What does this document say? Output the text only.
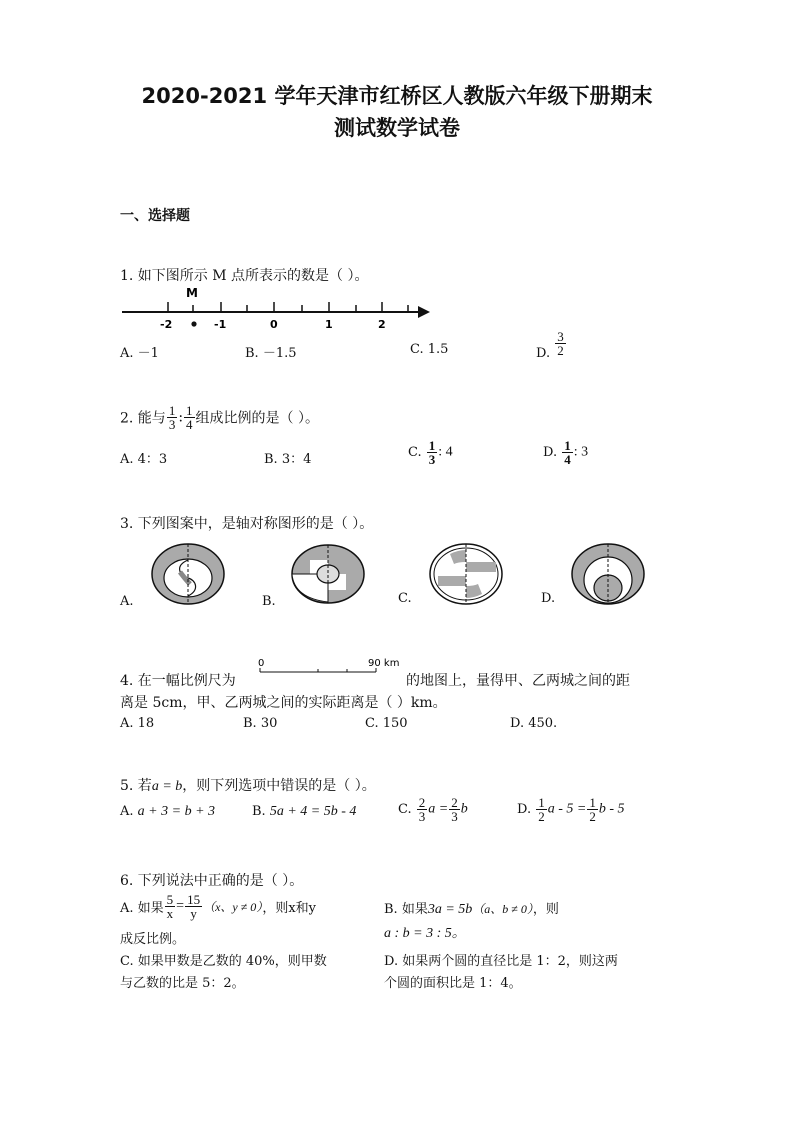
2020-2021 学年天津市红桥区人教版六年级下册期末
测试数学试卷
一、选择题
1. 如下图所示 M 点所表示的数是（ ）。
M
-2	-1	0	1	2
A. －1	B. －1.5	C. 1.5	D. $\frac{3}{2}$
2. 能与 $\frac{1}{3}$ : $\frac{1}{4}$ 组成比例的是（ ）。
A. 4：3	B. 3：4	C. $\frac{1}{3}$ : 4	D. $\frac{1}{4}$ : 3
3. 下列图案中，是轴对称图形的是（ ）。
A.	B.	C.	D.
4. 在一幅比例尺为
0	90 km
的地图上，量得甲、乙两城之间的距
离是 5cm，甲、乙两城之间的实际距离是（ ）km。
A. 18	B. 30	C. 150	D. 450.
5. 若a = b，则下列选项中错误的是（ ）。
A. a + 3 = b + 3	B. 5a + 4 = 5b - 4	C. $\frac{2}{3}$ $a = \frac{2}{3}$ b	D. $\frac{1}{2}$ $a - 5 = \frac{1}{2}$ b - 5
6. 下列说法中正确的是（ ）。
A. 如果 $\frac{5}{x} = \frac{15}{y} (x$、y ≠ 0），则x和y
成反比例。
B. 如果3a = 5b（a、b ≠ 0），则
a : b = 3 : 5。
C. 如果甲数是乙数的 40%，则甲数
与乙数的比是 5：2。
D. 如果两个圆的直径比是 1：2，则这两
个圆的面积比是 1：4。
